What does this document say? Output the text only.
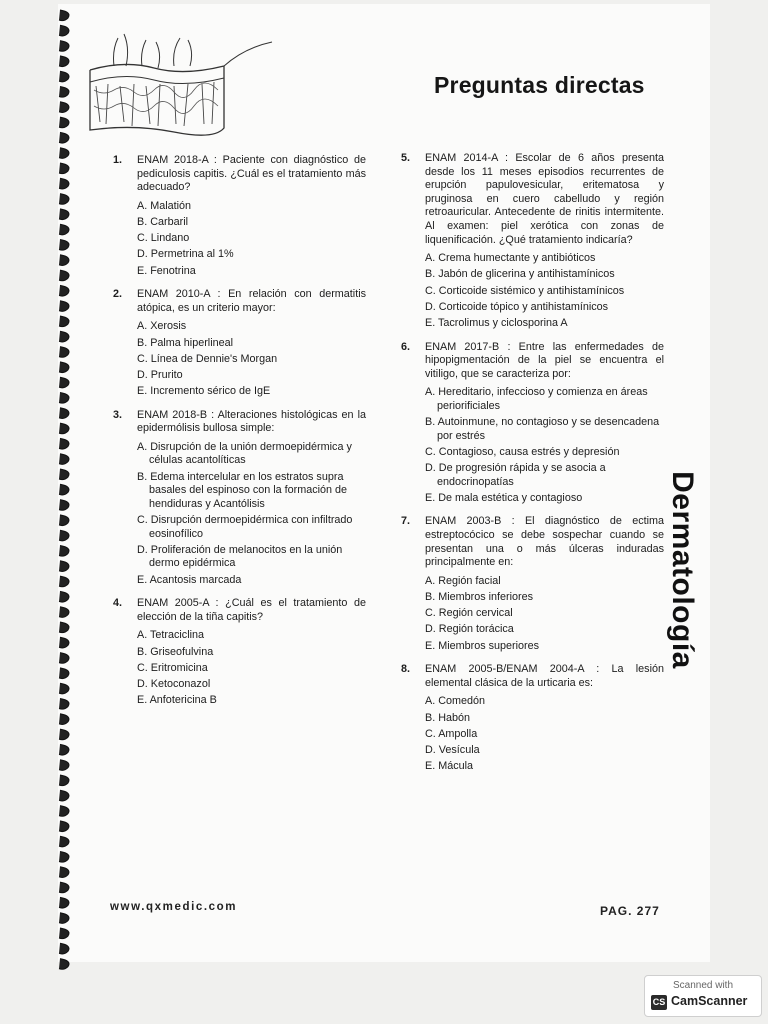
Preguntas directas
Dermatología
1. ENAM 2018-A : Paciente con diagnóstico de pediculosis capitis. ¿Cuál es el tratamiento más adecuado?

A. Malatión
B. Carbaril
C. Lindano
D. Permetrina al 1%
E. Fenotrina
2. ENAM 2010-A : En relación con dermatitis atópica, es un criterio mayor:

A. Xerosis
B. Palma hiperlineal
C. Línea de Dennie's Morgan
D. Prurito
E. Incremento sérico de IgE
3. ENAM 2018-B : Alteraciones histológicas en la epidermólisis bullosa simple:

A. Disrupción de la unión dermoepidérmica y células acantolíticas
B. Edema intercelular en los estratos supra basales del espinoso con la formación de hendiduras y Acantólisis
C. Disrupción dermoepidérmica con infiltrado eosinofílico
D. Proliferación de melanocitos en la unión dermo epidérmica
E. Acantosis marcada
4. ENAM 2005-A : ¿Cuál es el tratamiento de elección de la tiña capitis?

A. Tetraciclina
B. Griseofulvina
C. Eritromicina
D. Ketoconazol
E. Anfotericina B
5. ENAM 2014-A : Escolar de 6 años presenta desde los 11 meses episodios recurrentes de erupción papulovesicular, eritematosa y pruginosa en cuero cabelludo y región retroauricular. Antecedente de rinitis intermitente. Al examen: piel xerótica con zonas de liquenificación. ¿Qué tratamiento indicaría?

A. Crema humectante y antibióticos
B. Jabón de glicerina y antihistamínicos
C. Corticoide sistémico y antihistamínicos
D. Corticoide tópico y antihistamínicos
E. Tacrolimus y ciclosporina A
6. ENAM 2017-B : Entre las enfermedades de hipopigmentación de la piel se encuentra el vitiligo, que se caracteriza por:

A. Hereditario, infeccioso y comienza en áreas periorificiales
B. Autoinmune, no contagioso y se desencadena por estrés
C. Contagioso, causa estrés y depresión
D. De progresión rápida y se asocia a endocrinopatías
E. De mala estética y contagioso
7. ENAM 2003-B : El diagnóstico de ectima estreptocócico se debe sospechar cuando se presentan una o más úlceras induradas principalmente en:

A. Región facial
B. Miembros inferiores
C. Región cervical
D. Región torácica
E. Miembros superiores
8. ENAM 2005-B/ENAM 2004-A : La lesión elemental clásica de la urticaria es:

A. Comedón
B. Habón
C. Ampolla
D. Vesícula
E. Mácula
www.qxmedic.com	PAG. 277
Scanned with
CS CamScanner
